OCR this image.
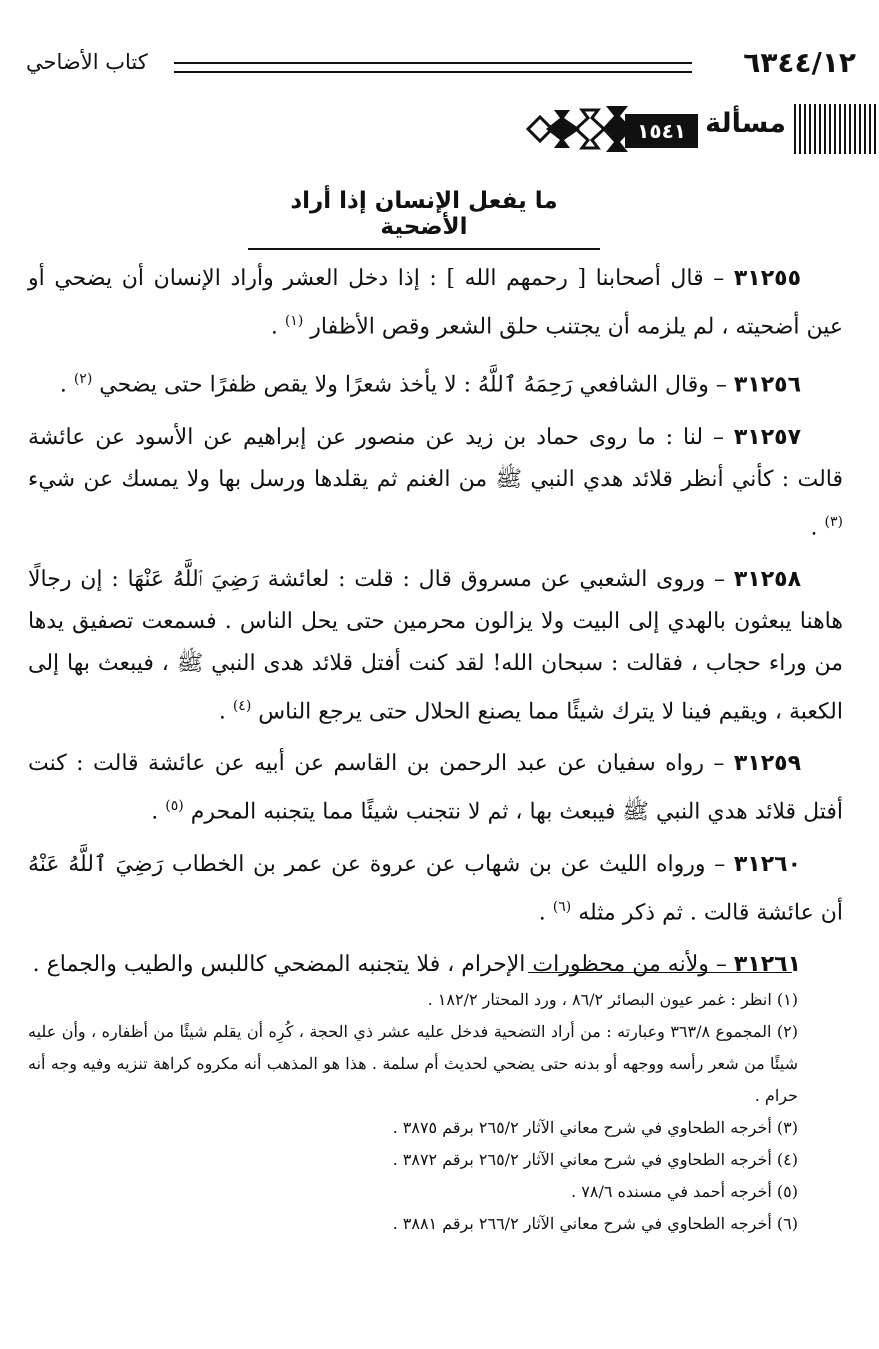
٦٣٤٤/١٢
كتاب الأضاحي
مسألة
١٥٤١
ما يفعل الإنسان إذا أراد الأضحية

٣١٢٥٥ – قال أصحابنا [ رحمهم الله ] : إذا دخل العشر وأراد الإنسان أن يضحي أو عين أضحيته ، لم يلزمه أن يجتنب حلق الشعر وقص الأظفار $^{(١)}$ .

٣١٢٥٦ – وقال الشافعي رَحِمَهُ ٱللَّهُ : لا يأخذ شعرًا ولا يقص ظفرًا حتى يضحي $^{(٢)}$ .

٣١٢٥٧ – لنا : ما روى حماد بن زيد عن منصور عن إبراهيم عن الأسود عن عائشة قالت : كأني أنظر قلائد هدي النبي ﷺ من الغنم ثم يقلدها ورسل بها ولا يمسك عن شيء $^{(٣)}$ .

٣١٢٥٨ – وروى الشعبي عن مسروق قال : قلت : لعائشة رَضِيَ ٱللَّهُ عَنْهَا : إن رجالًا هاهنا يبعثون بالهدي إلى البيت ولا يزالون محرمين حتى يحل الناس . فسمعت تصفيق يدها من وراء حجاب ، فقالت : سبحان الله! لقد كنت أفتل قلائد هدى النبي ﷺ ، فيبعث بها إلى الكعبة ، ويقيم فينا لا يترك شيئًا مما يصنع الحلال حتى يرجع الناس $^{(٤)}$ .

٣١٢٥٩ – رواه سفيان عن عبد الرحمن بن القاسم عن أبيه عن عائشة قالت : كنت أفتل قلائد هدي النبي ﷺ فيبعث بها ، ثم لا نتجنب شيئًا مما يتجنبه المحرم $^{(٥)}$ .

٣١٢٦٠ – ورواه الليث عن بن شهاب عن عروة عن عمر بن الخطاب رَضِيَ ٱللَّهُ عَنْهُ أن عائشة قالت . ثم ذكر مثله $^{(٦)}$ .

٣١٢٦١ – ولأنه من محظورات الإحرام ، فلا يتجنبه المضحي كاللبس والطيب والجماع .

(١) انظر : غمر عيون البصائر ٨٦/٢ ، ورد المحتار ١٨٢/٢ .

(٢) المجموع ٣٦٣/٨ وعبارته : من أراد التضحية فدخل عليه عشر ذي الحجة ، كُرِه أن يقلم شيئًا من أظفاره ، وأن عليه شيئًا من شعر رأسه ووجهه أو بدنه حتى يضحي لحديث أم سلمة . هذا هو المذهب أنه مكروه كراهة تنزيه وفيه وجه أنه حرام .

(٣) أخرجه الطحاوي في شرح معاني الآثار ٢٦٥/٢ برقم ٣٨٧٥ .

(٤) أخرجه الطحاوي في شرح معاني الآثار ٢٦٥/٢ برقم ٣٨٧٢ .

(٥) أخرجه أحمد في مسنده ٧٨/٦ .

(٦) أخرجه الطحاوي في شرح معاني الآثار ٢٦٦/٢ برقم ٣٨٨١ .
